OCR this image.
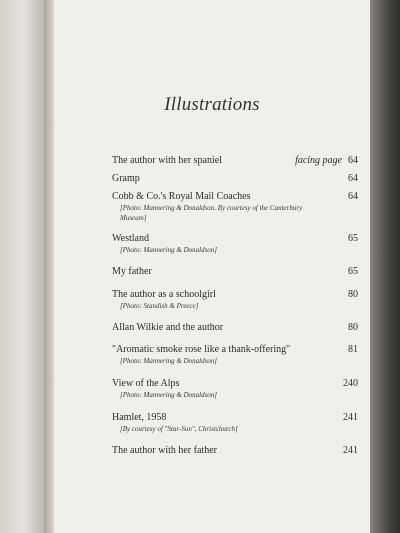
Illustrations
The author with her spaniel	facing page 64
Gramp	64
Cobb & Co.'s Royal Mail Coaches	64
[Photo: Mannering & Donaldson. By courtesy of the Canterbury Museum]
Westland	65
[Photo: Mannering & Donaldson]
My father	65
The author as a schoolgirl	80
[Photo: Standish & Preece]
Allan Wilkie and the author	80
"Aromatic smoke rose like a thank-offering"	81
[Photo: Mannering & Donaldson]
View of the Alps	240
[Photo: Mannering & Donaldson]
Hamlet, 1958	241
[By courtesy of "Star-Sun", Christchurch]
The author with her father	241
